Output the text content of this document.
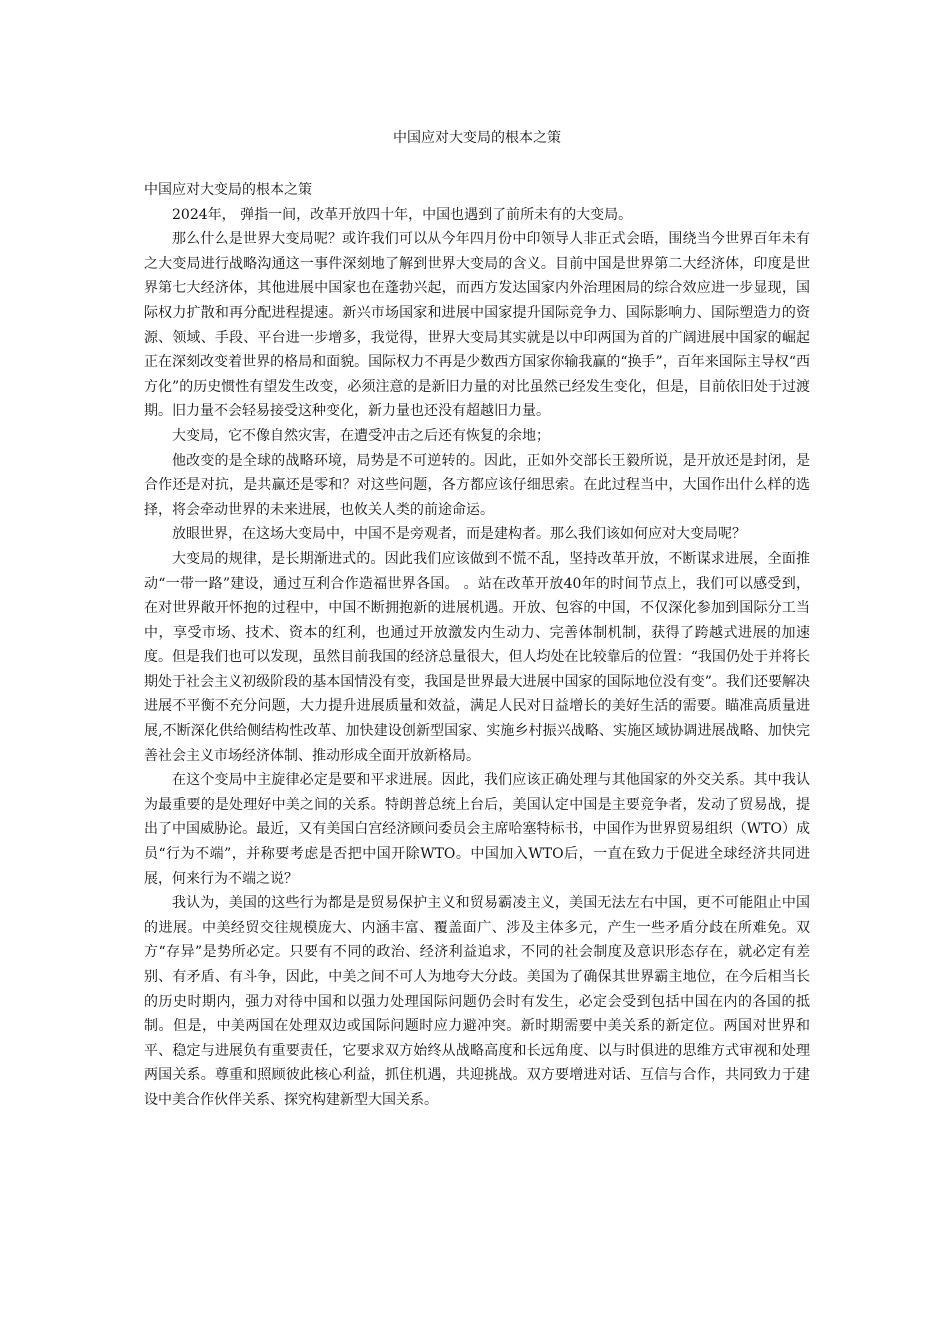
中国应对大变局的根本之策

中国应对大变局的根本之策

2024年， 弹指一间，改革开放四十年，中国也遇到了前所未有的大变局。

那么什么是世界大变局呢？或许我们可以从今年四月份中印领导人非正式会晤，围绕当今世界百年未有之大变局进行战略沟通这一事件深刻地了解到世界大变局的含义。目前中国是世界第二大经济体，印度是世界第七大经济体，其他进展中国家也在蓬勃兴起，而西方发达国家内外治理困局的综合效应进一步显现，国际权力扩散和再分配进程提速。新兴市场国家和进展中国家提升国际竞争力、国际影响力、国际塑造力的资源、领域、手段、平台进一步增多，我觉得，世界大变局其实就是以中印两国为首的广阔进展中国家的崛起正在深刻改变着世界的格局和面貌。国际权力不再是少数西方国家你输我赢的“换手”，百年来国际主导权“西方化”的历史惯性有望发生改变，必须注意的是新旧力量的对比虽然已经发生变化，但是，目前依旧处于过渡期。旧力量不会轻易接受这种变化，新力量也还没有超越旧力量。

大变局，它不像自然灾害，在遭受冲击之后还有恢复的余地；

他改变的是全球的战略环境，局势是不可逆转的。因此，正如外交部长王毅所说，是开放还是封闭，是合作还是对抗，是共赢还是零和？对这些问题，各方都应该仔细思索。在此过程当中，大国作出什么样的选择，将会牵动世界的未来进展，也攸关人类的前途命运。

放眼世界，在这场大变局中，中国不是旁观者，而是建构者。那么我们该如何应对大变局呢？

大变局的规律，是长期渐进式的。因此我们应该做到不慌不乱，坚持改革开放，不断谋求进展，全面推动“一带一路”建设，通过互利合作造福世界各国。 。站在改革开放40年的时间节点上，我们可以感受到，在对世界敞开怀抱的过程中，中国不断拥抱新的进展机遇。开放、包容的中国，不仅深化参加到国际分工当中，享受市场、技术、资本的红利，也通过开放激发内生动力、完善体制机制，获得了跨越式进展的加速度。但是我们也可以发现，虽然目前我国的经济总量很大，但人均处在比较靠后的位置：“我国仍处于并将长期处于社会主义初级阶段的基本国情没有变，我国是世界最大进展中国家的国际地位没有变”。我们还要解决进展不平衡不充分问题，大力提升进展质量和效益，满足人民对日益增长的美好生活的需要。瞄准高质量进展,不断深化供给侧结构性改革、加快建设创新型国家、实施乡村振兴战略、实施区域协调进展战略、加快完善社会主义市场经济体制、推动形成全面开放新格局。

在这个变局中主旋律必定是要和平求进展。因此，我们应该正确处理与其他国家的外交关系。其中我认为最重要的是处理好中美之间的关系。特朗普总统上台后，美国认定中国是主要竞争者，发动了贸易战，提出了中国威胁论。最近，又有美国白宫经济顾问委员会主席哈塞特标书，中国作为世界贸易组织（WTO）成员“行为不端”，并称要考虑是否把中国开除WTO。中国加入WTO后，一直在致力于促进全球经济共同进展，何来行为不端之说？

我认为，美国的这些行为都是是贸易保护主义和贸易霸凌主义，美国无法左右中国，更不可能阻止中国的进展。中美经贸交往规模庞大、内涵丰富、覆盖面广、涉及主体多元，产生一些矛盾分歧在所难免。双方“存异”是势所必定。只要有不同的政治、经济利益追求，不同的社会制度及意识形态存在，就必定有差别、有矛盾、有斗争，因此，中美之间不可人为地夸大分歧。美国为了确保其世界霸主地位，在今后相当长的历史时期内，强力对待中国和以强力处理国际问题仍会时有发生，必定会受到包括中国在内的各国的抵制。但是，中美两国在处理双边或国际问题时应力避冲突。新时期需要中美关系的新定位。两国对世界和平、稳定与进展负有重要责任，它要求双方始终从战略高度和长远角度、以与时俱进的思维方式审视和处理两国关系。尊重和照顾彼此核心利益，抓住机遇，共迎挑战。双方要增进对话、互信与合作，共同致力于建设中美合作伙伴关系、探究构建新型大国关系。
